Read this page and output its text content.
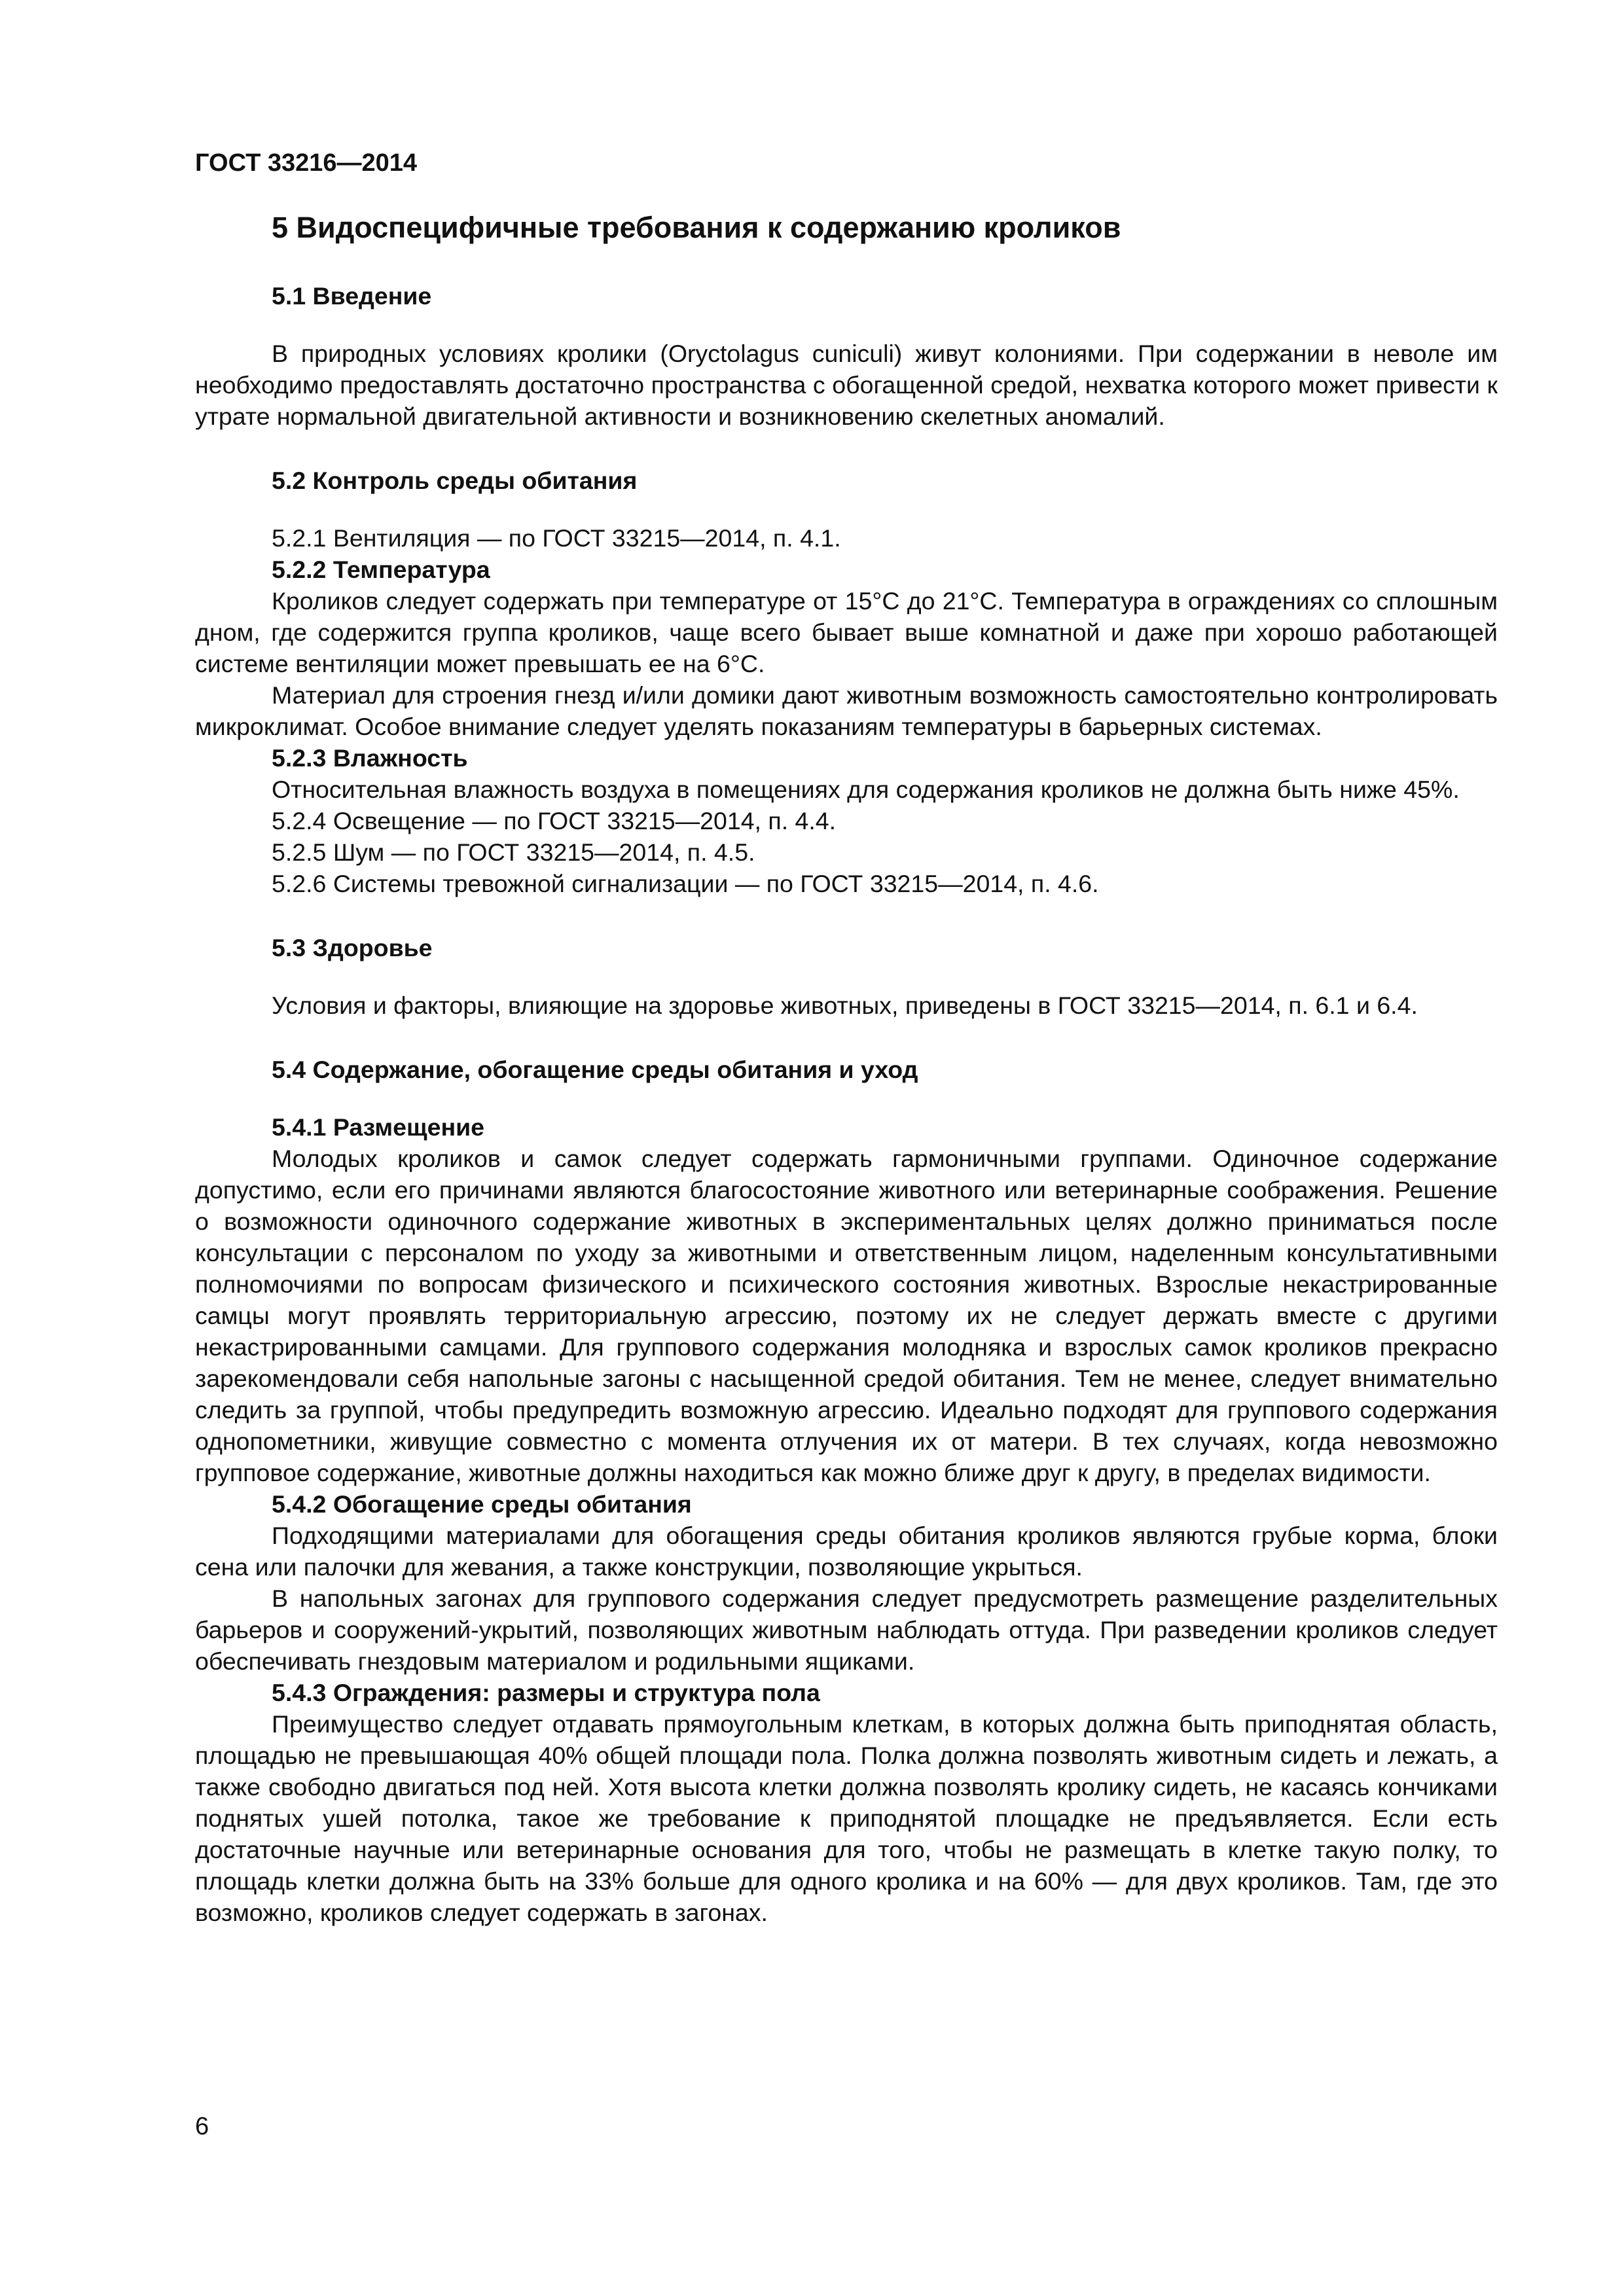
ГОСТ 33216—2014
5 Видоспецифичные требования к содержанию кроликов
5.1 Введение

В природных условиях кролики (Oryctolagus cuniculi) живут колониями. При содержании в неволе им необходимо предоставлять достаточно пространства с обогащенной средой, нехватка которого может привести к утрате нормальной двигательной активности и возникновению скелетных аномалий.

5.2 Контроль среды обитания

5.2.1 Вентиляция — по ГОСТ 33215—2014, п. 4.1.

5.2.2 Температура

Кроликов следует содержать при температуре от 15°С до 21°С. Температура в ограждениях со сплошным дном, где содержится группа кроликов, чаще всего бывает выше комнатной и даже при хорошо работающей системе вентиляции может превышать ее на 6°С.

Материал для строения гнезд и/или домики дают животным возможность самостоятельно контролировать микроклимат. Особое внимание следует уделять показаниям температуры в барьерных системах.

5.2.3 Влажность

Относительная влажность воздуха в помещениях для содержания кроликов не должна быть ниже 45%.

5.2.4 Освещение — по ГОСТ 33215—2014, п. 4.4.

5.2.5 Шум — по ГОСТ 33215—2014, п. 4.5.

5.2.6 Системы тревожной сигнализации — по ГОСТ 33215—2014, п. 4.6.

5.3 Здоровье

Условия и факторы, влияющие на здоровье животных, приведены в ГОСТ 33215—2014, п. 6.1 и 6.4.

5.4 Содержание, обогащение среды обитания и уход
5.4.1 Размещение

Молодых кроликов и самок следует содержать гармоничными группами. Одиночное содержание допустимо, если его причинами являются благосостояние животного или ветеринарные соображения. Решение о возможности одиночного содержание животных в экспериментальных целях должно приниматься после консультации с персоналом по уходу за животными и ответственным лицом, наделенным консультативными полномочиями по вопросам физического и психического состояния животных. Взрослые некастрированные самцы могут проявлять территориальную агрессию, поэтому их не следует держать вместе с другими некастрированными самцами. Для группового содержания молодняка и взрослых самок кроликов прекрасно зарекомендовали себя напольные загоны с насыщенной средой обитания. Тем не менее, следует внимательно следить за группой, чтобы предупредить возможную агрессию. Идеально подходят для группового содержания однопометники, живущие совместно с момента отлучения их от матери. В тех случаях, когда невозможно групповое содержание, животные должны находиться как можно ближе друг к другу, в пределах видимости.

5.4.2 Обогащение среды обитания

Подходящими материалами для обогащения среды обитания кроликов являются грубые корма, блоки сена или палочки для жевания, а также конструкции, позволяющие укрыться.

В напольных загонах для группового содержания следует предусмотреть размещение разделительных барьеров и сооружений-укрытий, позволяющих животным наблюдать оттуда. При разведении кроликов следует обеспечивать гнездовым материалом и родильными ящиками.

5.4.3 Ограждения: размеры и структура пола

Преимущество следует отдавать прямоугольным клеткам, в которых должна быть приподнятая область, площадью не превышающая 40% общей площади пола. Полка должна позволять животным сидеть и лежать, а также свободно двигаться под ней. Хотя высота клетки должна позволять кролику сидеть, не касаясь кончиками поднятых ушей потолка, такое же требование к приподнятой площадке не предъявляется. Если есть достаточные научные или ветеринарные основания для того, чтобы не размещать в клетке такую полку, то площадь клетки должна быть на 33% больше для одного кролика и на 60% — для двух кроликов. Там, где это возможно, кроликов следует содержать в загонах.

6
